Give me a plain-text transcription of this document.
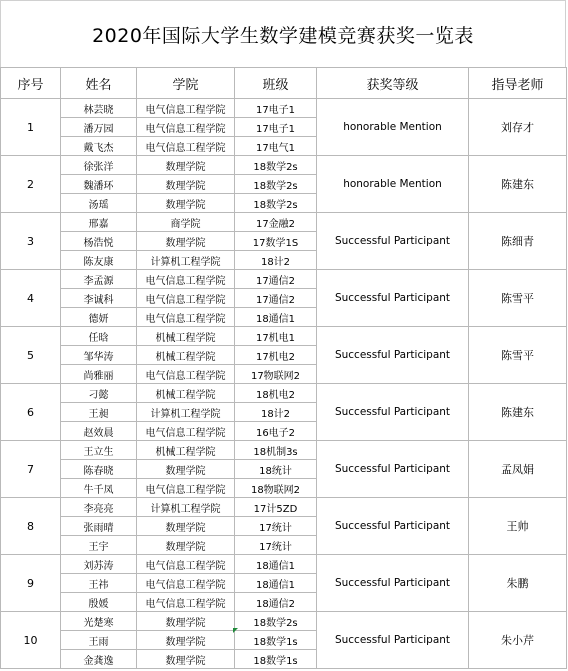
2020年国际大学生数学建模竞赛获奖一览表
序号	姓名	学院	班级	获奖等级	指导老师
1	林芸晓	电气信息工程学院	17电子1	honorable Mention	刘存才
	潘万园	电气信息工程学院	17电子1		
	戴飞杰	电气信息工程学院	17电气1		
2	徐张洋	数理学院	18数学2s	honorable Mention	陈建东
	魏潘环	数理学院	18数学2s		
	汤瑶	数理学院	18数学2s		
3	邢嘉	商学院	17金融2	Successful Participant	陈细青
	杨浩悦	数理学院	17数学1S		
	陈友康	计算机工程学院	18计2		
4	李孟源	电气信息工程学院	17通信2	Successful Participant	陈雪平
	李诚科	电气信息工程学院	17通信2		
	德妍	电气信息工程学院	18通信1		
5	任晗	机械工程学院	17机电1	Successful Participant	陈雪平
	邹华涛	机械工程学院	17机电2		
	尚雅丽	电气信息工程学院	17物联网2		
6	刁懿	机械工程学院	18机电2	Successful Participant	陈建东
	王昶	计算机工程学院	18计2		
	赵效晨	电气信息工程学院	16电子2		
7	王立生	机械工程学院	18机制3s	Successful Participant	孟凤娟
	陈春晓	数理学院	18统计		
	牛千凤	电气信息工程学院	18物联网2		
8	李亮亮	计算机工程学院	17计5ZD	Successful Participant	王帅
	张雨晴	数理学院	17统计		
	王宇	数理学院	17统计		
9	刘苏涛	电气信息工程学院	18通信1	Successful Participant	朱鹏
	王祎	电气信息工程学院	18通信1		
	殷媛	电气信息工程学院	18通信2		
10	光楚寒	数理学院	18数学2s	Successful Participant	朱小芹
	王雨	数理学院	18数学1s		
	金龚逸	数理学院	18数学1s		
